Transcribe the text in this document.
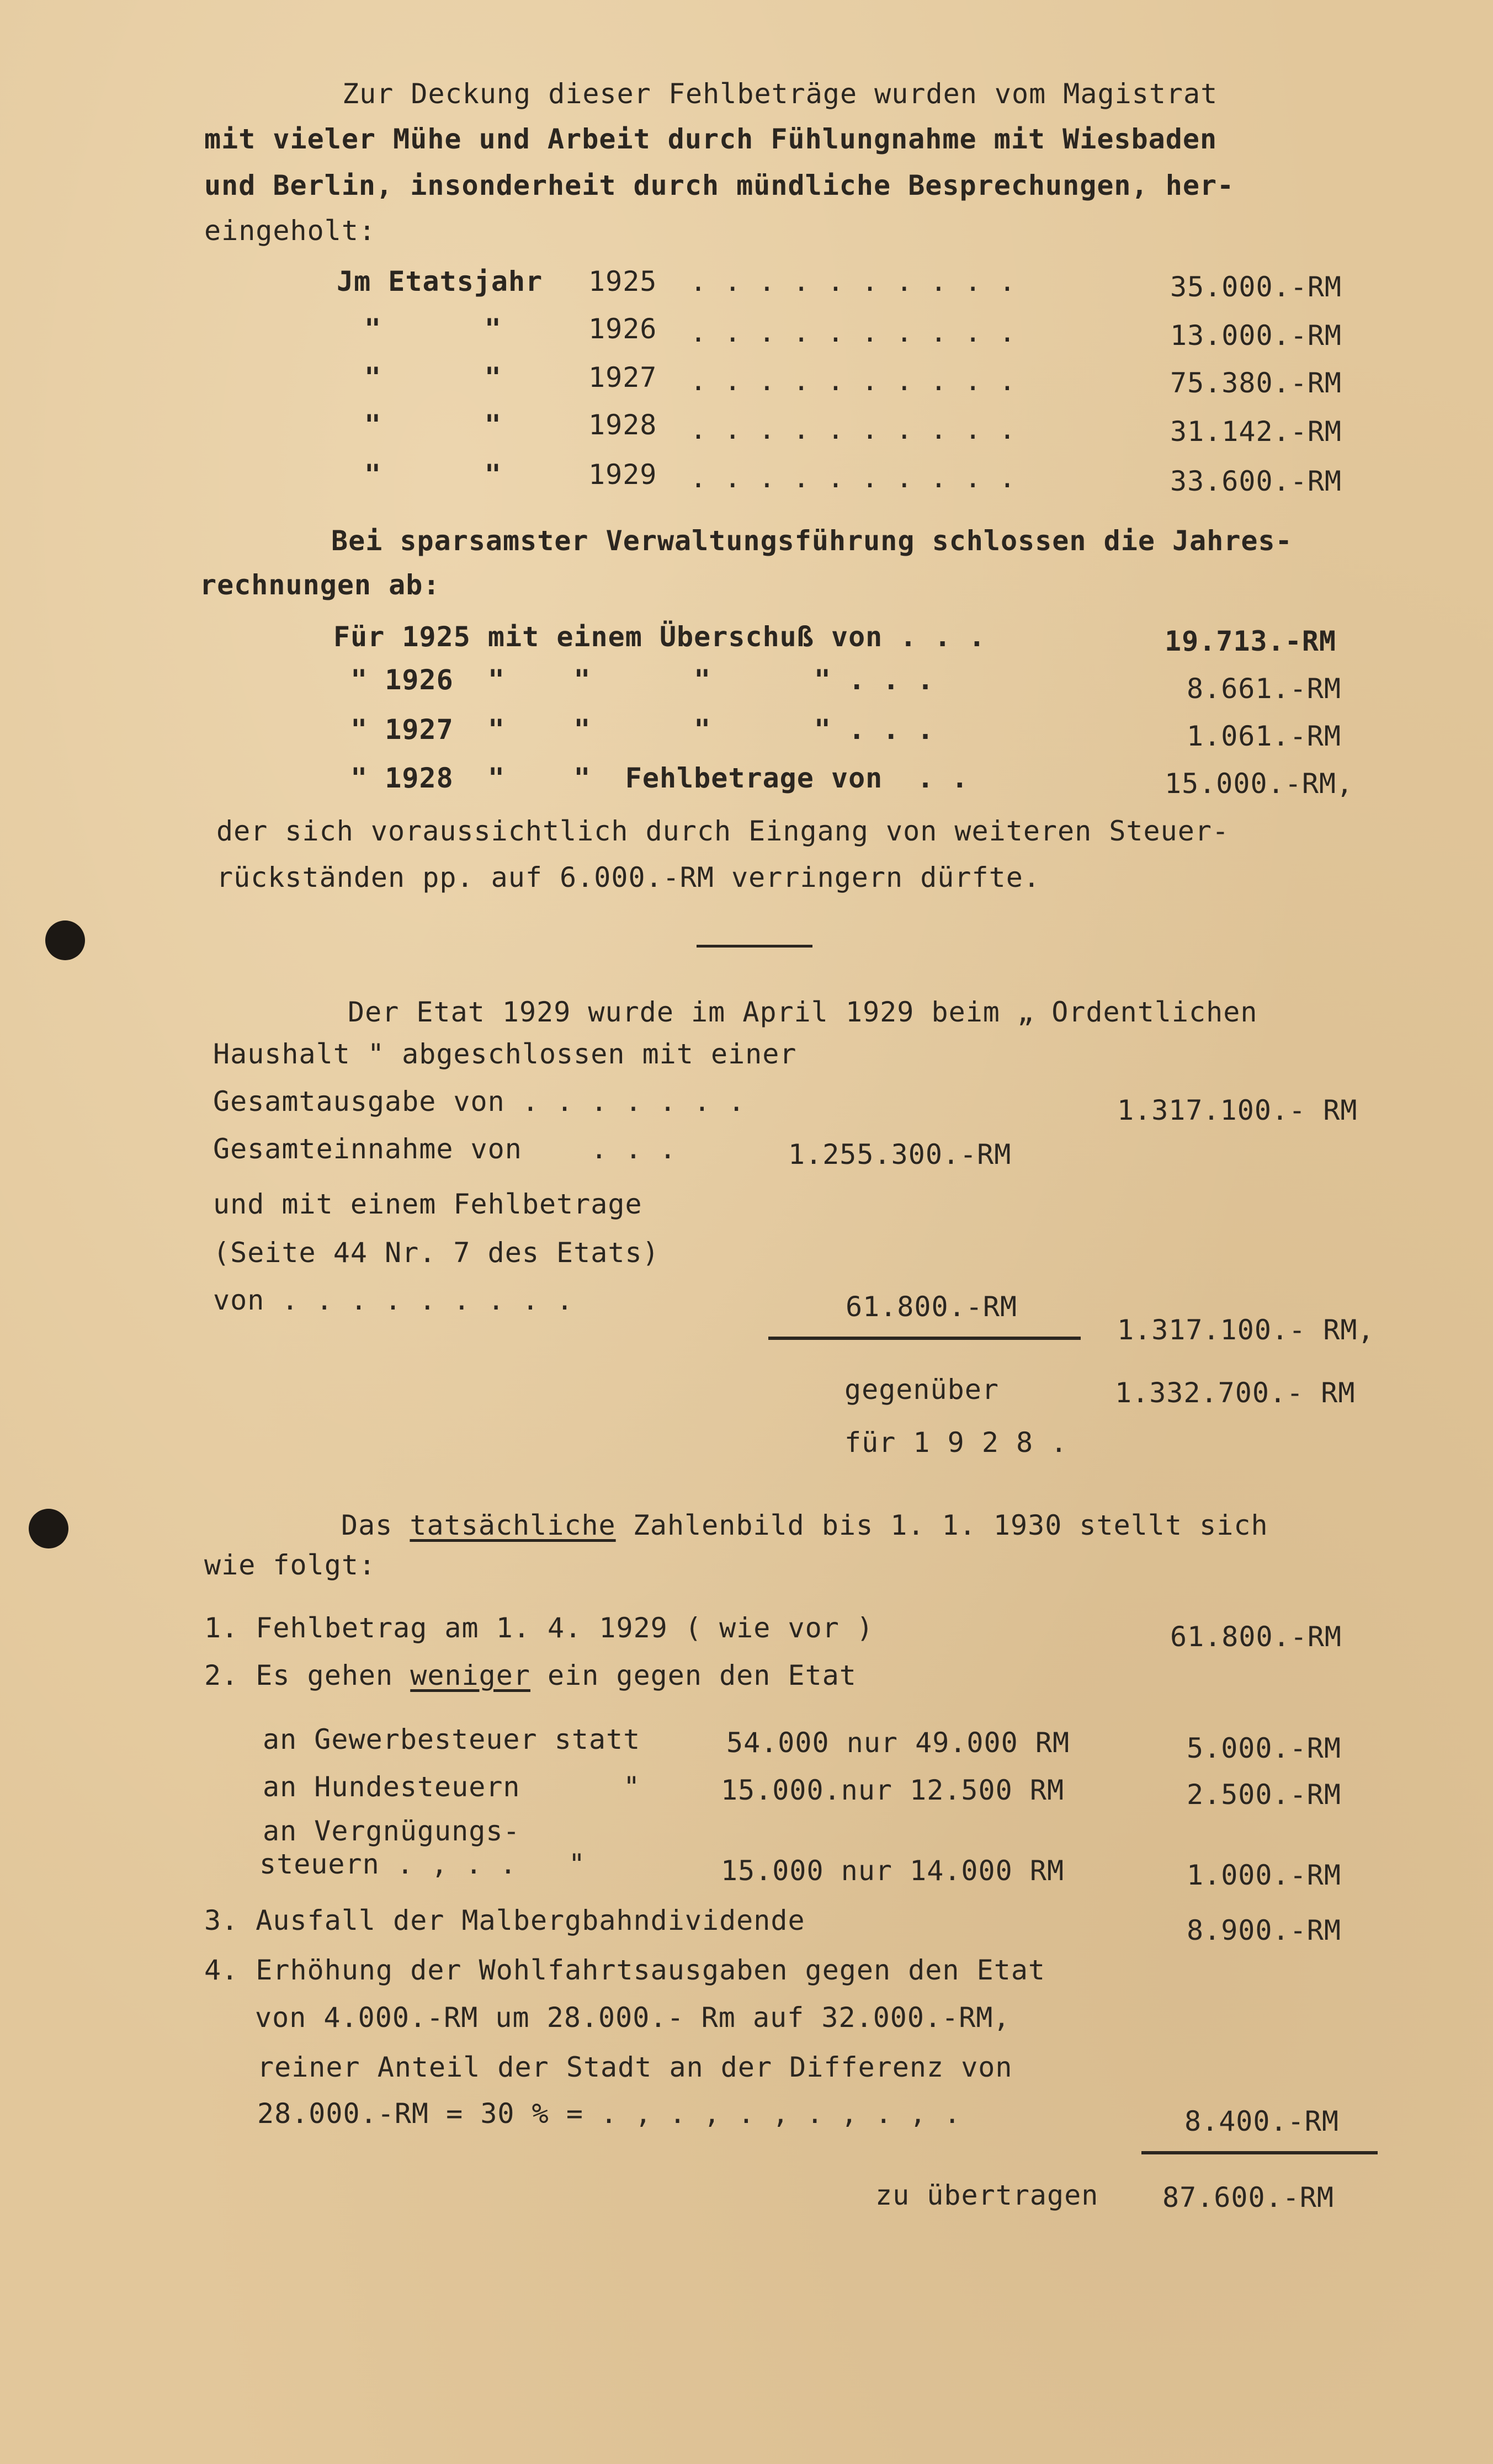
Zur Deckung dieser Fehlbeträge wurden vom Magistrat
mit vieler Mühe und Arbeit durch Fühlungnahme mit Wiesbaden
und Berlin, insonderheit durch mündliche Besprechungen, her-
eingeholt:
Jm Etatsjahr 1925 . . . . . . . . . .	35.000.-RM
"      "	1926 . . . . . . . . . .	13.000.-RM
"      "	1927 . . . . . . . . . .	75.380.-RM
"      "	1928 . . . . . . . . . .	31.142.-RM
"      "	1929 . . . . . . . . . .	33.600.-RM
Bei sparsamster Verwaltungsführung schlossen die Jahres-
rechnungen ab:
Für 1925 mit einem Überschuß von . . .	19.713.-RM
" 1926  "    "      "      " . . .	8.661.-RM
" 1927  "    "      "      " . . .	1.061.-RM
" 1928  "    "  Fehlbetrage von  . .	15.000.-RM,
der sich voraussichtlich durch Eingang von weiteren Steuer-
rückständen pp. auf 6.000.-RM verringern dürfte.
Der Etat 1929 wurde im April 1929 beim „ Ordentlichen
Haushalt " abgeschlossen mit einer
Gesamtausgabe von . . . . . . .	1.317.100.- RM
Gesamteinnahme von    . . .	1.255.300.-RM
und mit einem Fehlbetrage
(Seite 44 Nr. 7 des Etats)
von . . . . . . . . .	61.800.-RM
1.317.100.- RM,
gegenüber	1.332.700.- RM
für 1 9 2 8 .
Das tatsächliche Zahlenbild bis 1. 1. 1930 stellt sich
wie folgt:
1. Fehlbetrag am 1. 4. 1929 ( wie vor )	61.800.-RM
2. Es gehen weniger ein gegen den Etat
an Gewerbesteuer statt	54.000 nur 49.000 RM	5.000.-RM
an Hundesteuern      "	15.000.nur 12.500 RM	2.500.-RM
an Vergnügungs-
steuern . , . .   "	15.000 nur 14.000 RM	1.000.-RM
3. Ausfall der Malbergbahndividende	8.900.-RM
4. Erhöhung der Wohlfahrtsausgaben gegen den Etat
von 4.000.-RM um 28.000.- Rm auf 32.000.-RM,
reiner Anteil der Stadt an der Differenz von
28.000.-RM = 30 % = . , . , . , . , . , .	8.400.-RM
zu übertragen 87.600.-RM
